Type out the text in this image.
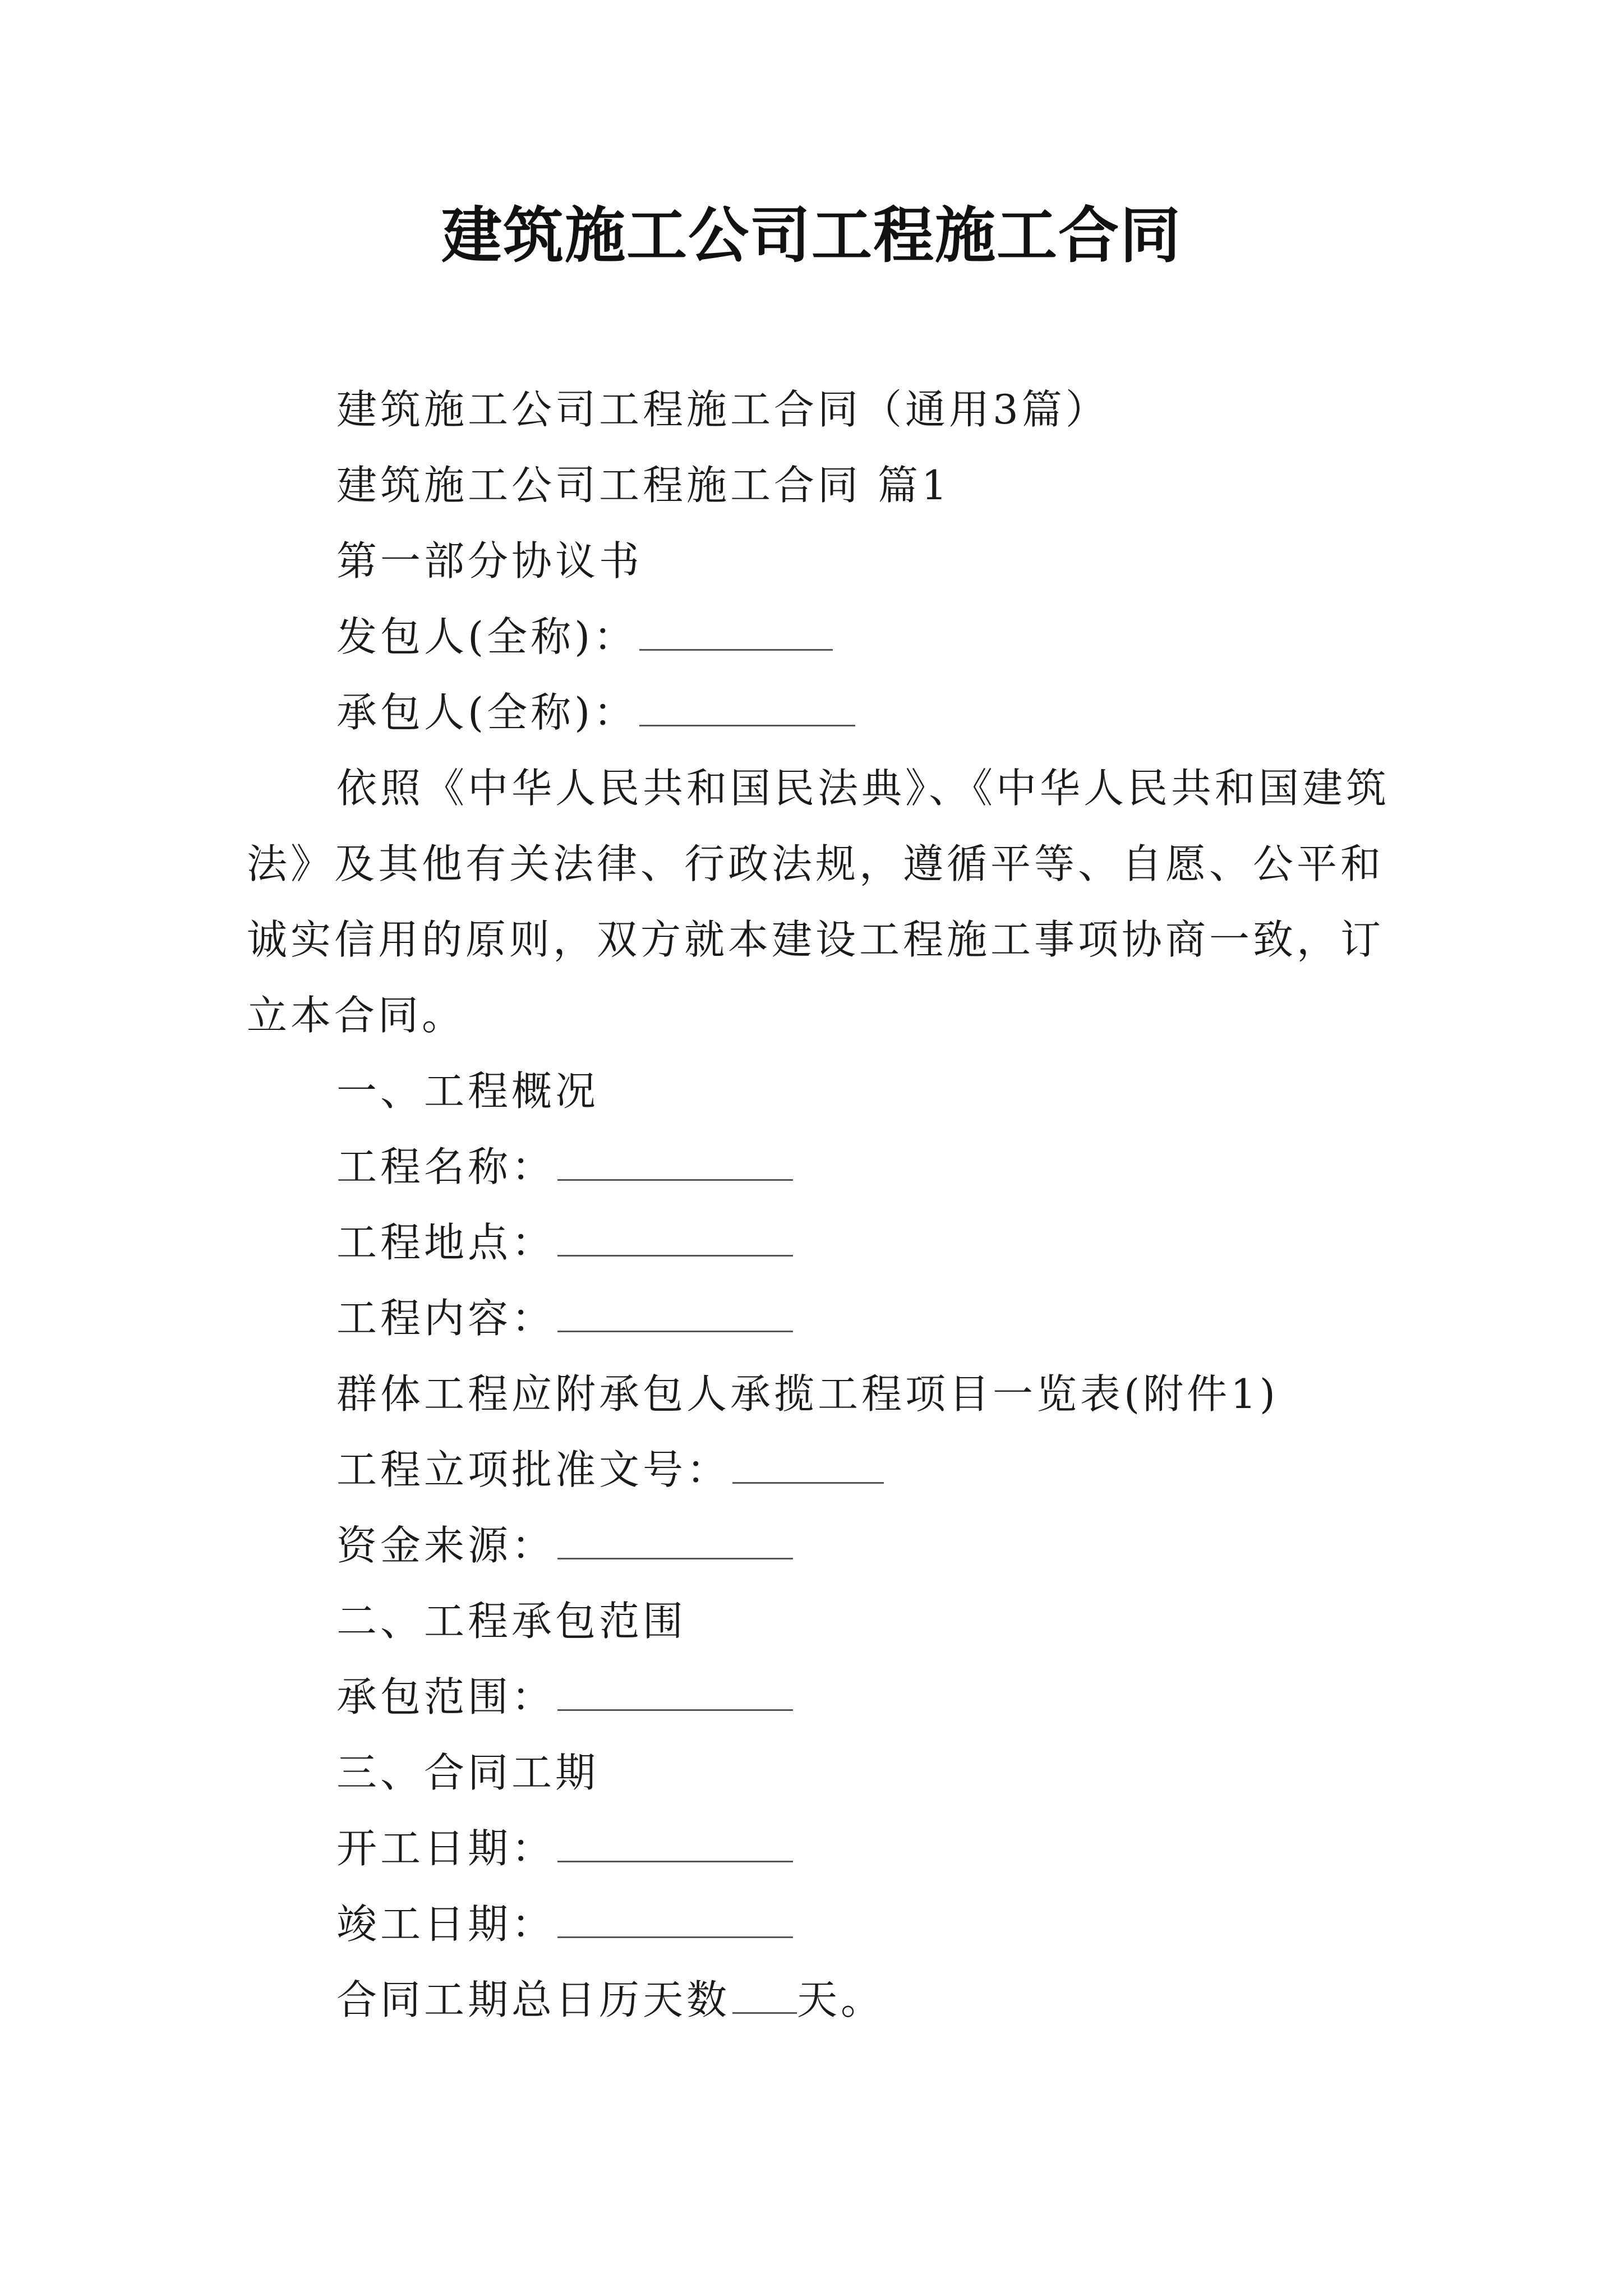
建筑施工公司工程施工合同
建筑施工公司工程施工合同（通用3篇）
建筑施工公司工程施工合同 篇1
第一部分协议书
发包人(全称)：
承包人(全称)：
依照《中华人民共和国民法典》、《中华人民共和国建筑
法》及其他有关法律、行政法规，遵循平等、自愿、公平和
诚实信用的原则，双方就本建设工程施工事项协商一致，订
立本合同。
一、工程概况
工程名称：
工程地点：
工程内容：
群体工程应附承包人承揽工程项目一览表(附件1)
工程立项批准文号：
资金来源：
二、工程承包范围
承包范围：
三、合同工期
开工日期：
竣工日期：
合同工期总日历天数 天。
